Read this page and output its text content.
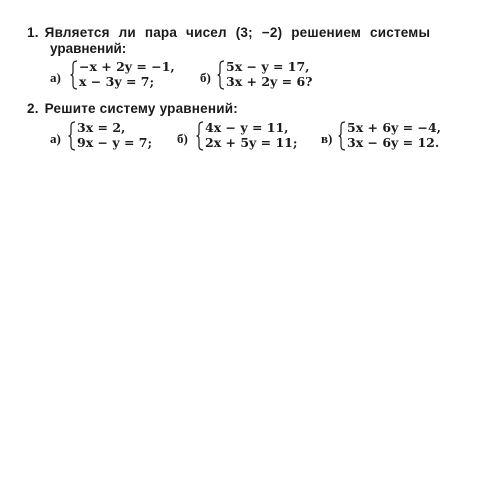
1. Является ли пара чисел (3; −2) решением системы
уравнений:
а)
−x + 2y = −1,
x − 3y = 7;	б)
5x − y = 17,
3x + 2y = 6?
2. Решите систему уравнений:
а)
3x = 2,
9x − y = 7; б)
4x − y = 11,
2x + 5y = 11; в)
5x + 6y = −4,
3x − 6y = 12.
